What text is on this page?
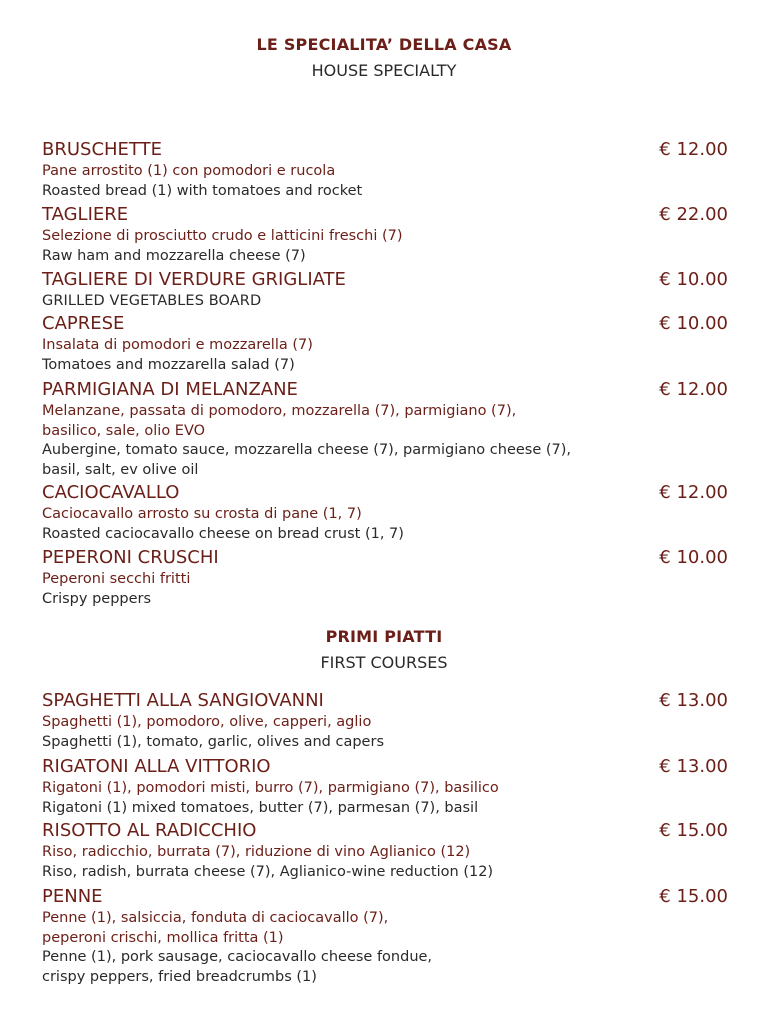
LE SPECIALITA’ DELLA CASA
HOUSE SPECIALTY
BRUSCHETTE	€ 12.00
Pane arrostito (1) con pomodori e rucola
Roasted bread (1) with tomatoes and rocket
TAGLIERE	€ 22.00
Selezione di prosciutto crudo e latticini freschi (7)
Raw ham and mozzarella cheese (7)
TAGLIERE DI VERDURE GRIGLIATE	€ 10.00
GRILLED VEGETABLES BOARD
CAPRESE	€ 10.00
Insalata di pomodori e mozzarella (7)
Tomatoes and mozzarella salad (7)
PARMIGIANA DI MELANZANE	€ 12.00
Melanzane, passata di pomodoro, mozzarella (7), parmigiano (7),
basilico, sale, olio EVO
Aubergine, tomato sauce, mozzarella cheese (7), parmigiano cheese (7),
basil, salt, ev olive oil
CACIOCAVALLO	€ 12.00
Caciocavallo arrosto su crosta di pane (1, 7)
Roasted caciocavallo cheese on bread crust (1, 7)
PEPERONI CRUSCHI	€ 10.00
Peperoni secchi fritti
Crispy peppers
PRIMI PIATTI
FIRST COURSES
SPAGHETTI ALLA SANGIOVANNI	€ 13.00
Spaghetti (1), pomodoro, olive, capperi, aglio
Spaghetti (1), tomato, garlic, olives and capers
RIGATONI ALLA VITTORIO	€ 13.00
Rigatoni (1), pomodori misti, burro (7), parmigiano (7), basilico
Rigatoni (1) mixed tomatoes, butter (7), parmesan (7), basil
RISOTTO AL RADICCHIO	€ 15.00
Riso, radicchio, burrata (7), riduzione di vino Aglianico (12)
Riso, radish, burrata cheese (7), Aglianico-wine reduction (12)
PENNE	€ 15.00
Penne (1), salsiccia, fonduta di caciocavallo (7),
peperoni crischi, mollica fritta (1)
Penne (1), pork sausage, caciocavallo cheese fondue,
crispy peppers, fried breadcrumbs (1)
